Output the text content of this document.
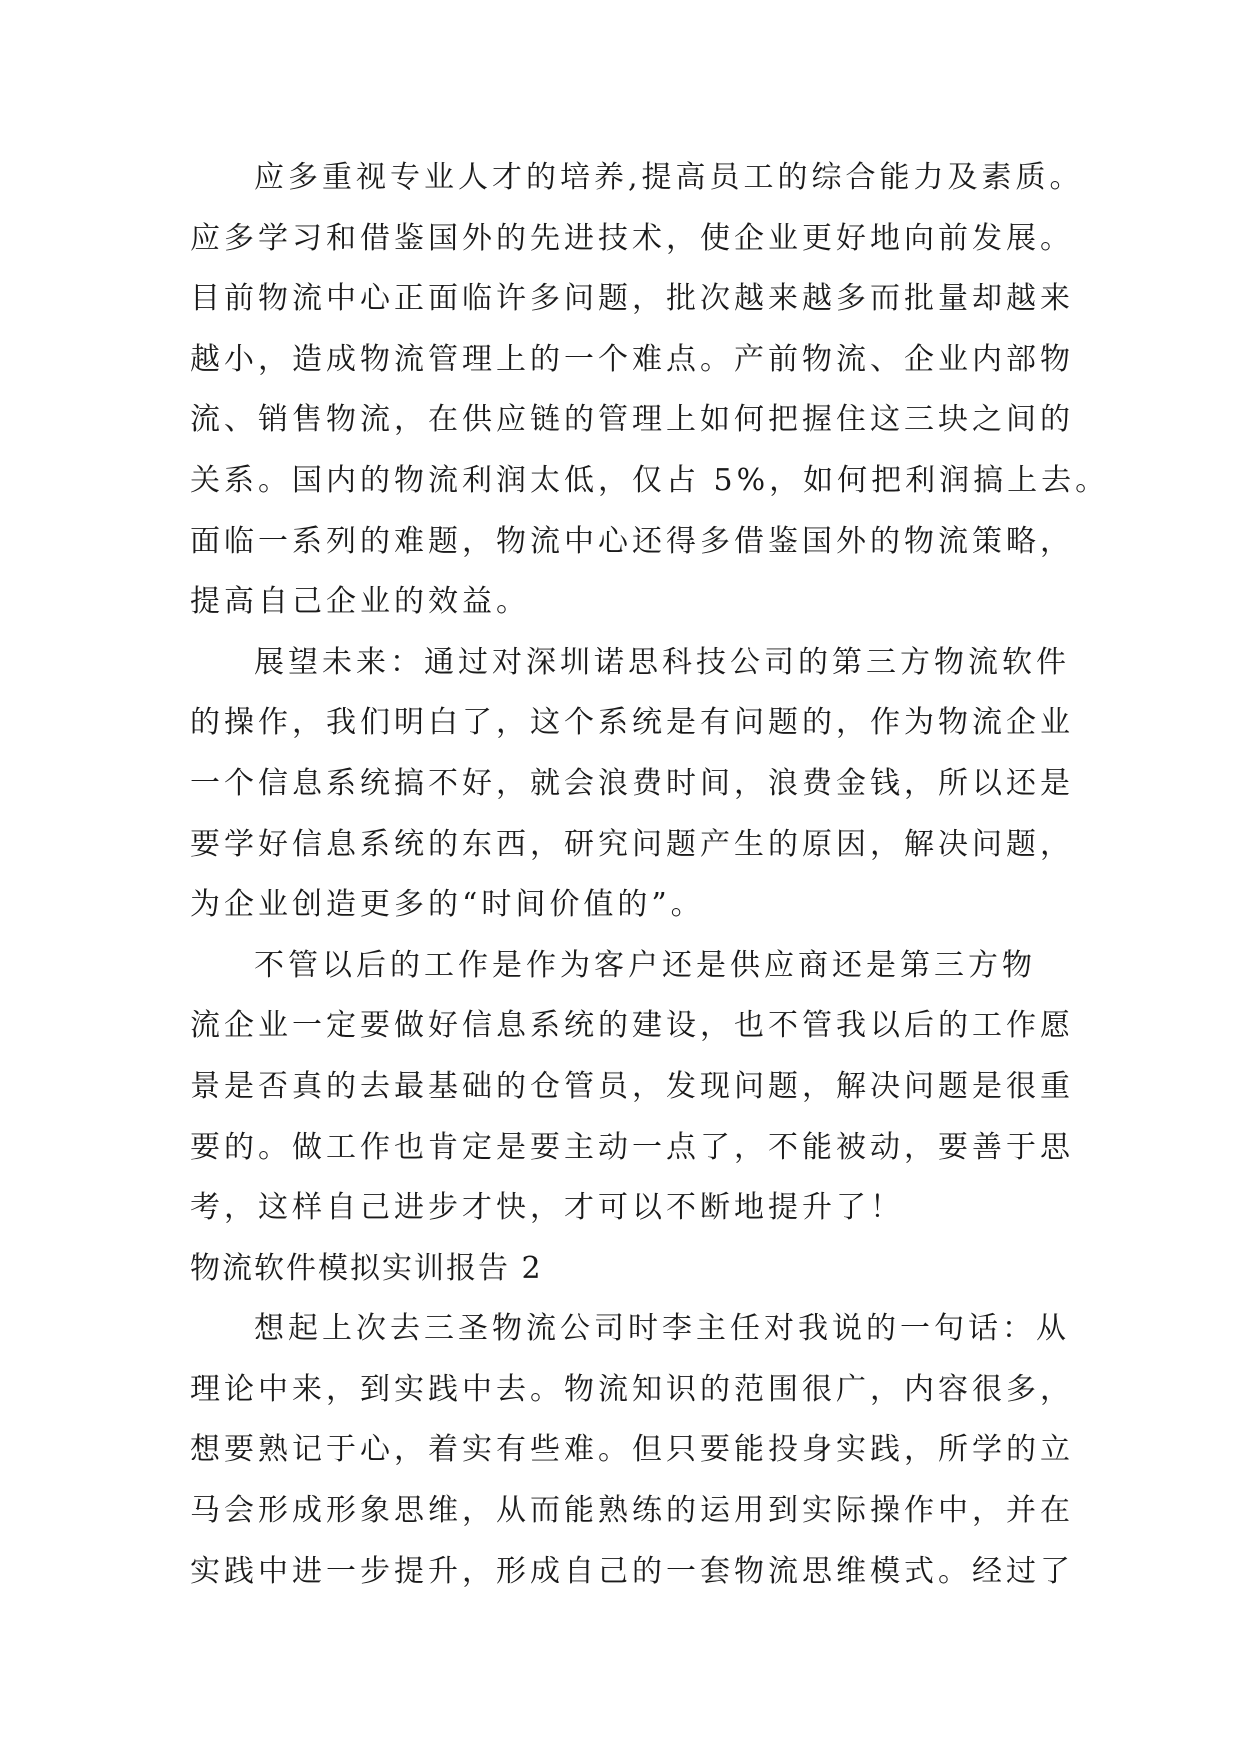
应多重视专业人才的培养,提高员工的综合能力及素质。
应多学习和借鉴国外的先进技术，使企业更好地向前发展。
目前物流中心正面临许多问题，批次越来越多而批量却越来
越小，造成物流管理上的一个难点。产前物流、企业内部物
流、销售物流，在供应链的管理上如何把握住这三块之间的
关系。国内的物流利润太低，仅占 5%，如何把利润搞上去。
面临一系列的难题，物流中心还得多借鉴国外的物流策略，
提高自己企业的效益。
展望未来：通过对深圳诺思科技公司的第三方物流软件
的操作，我们明白了，这个系统是有问题的，作为物流企业
一个信息系统搞不好，就会浪费时间，浪费金钱，所以还是
要学好信息系统的东西，研究问题产生的原因，解决问题，
为企业创造更多的“时间价值的”。
不管以后的工作是作为客户还是供应商还是第三方物
流企业一定要做好信息系统的建设，也不管我以后的工作愿
景是否真的去最基础的仓管员，发现问题，解决问题是很重
要的。做工作也肯定是要主动一点了，不能被动，要善于思
考，这样自己进步才快，才可以不断地提升了！
物流软件模拟实训报告 2
想起上次去三圣物流公司时李主任对我说的一句话：从
理论中来，到实践中去。物流知识的范围很广，内容很多，
想要熟记于心，着实有些难。但只要能投身实践，所学的立
马会形成形象思维，从而能熟练的运用到实际操作中，并在
实践中进一步提升，形成自己的一套物流思维模式。经过了
